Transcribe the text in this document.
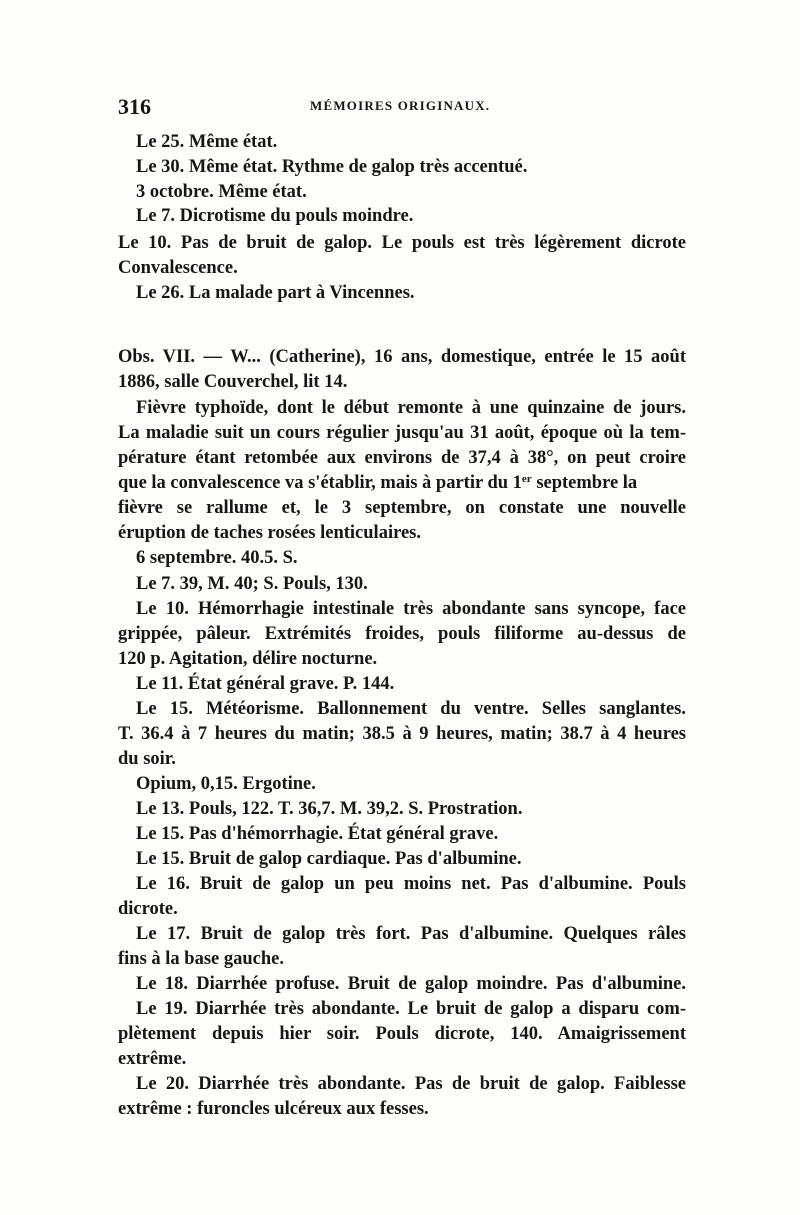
316	MÉMOIRES ORIGINAUX.
Le 25. Même état.
Le 30. Même état. Rythme de galop très accentué.
3 octobre. Même état.
Le 7. Dicrotisme du pouls moindre.
Le 10. Pas de bruit de galop. Le pouls est très légèrement dicrote
Convalescence.
Le 26. La malade part à Vincennes.
Obs. VII. — W... (Catherine), 16 ans, domestique, entrée le 15 août
1886, salle Couverchel, lit 14.
Fièvre typhoïde, dont le début remonte à une quinzaine de jours.
La maladie suit un cours régulier jusqu'au 31 août, époque où la tem-
pérature étant retombée aux environs de 37,4 à 38°, on peut croire
que la convalescence va s'établir, mais à partir du 1er septembre la
fièvre se rallume et, le 3 septembre, on constate une nouvelle
éruption de taches rosées lenticulaires.
6 septembre. 40.5. S.
Le 7. 39, M. 40; S. Pouls, 130.
Le 10. Hémorrhagie intestinale très abondante sans syncope, face
grippée, pâleur. Extrémités froides, pouls filiforme au-dessus de
120 p. Agitation, délire nocturne.
Le 11. État général grave. P. 144.
Le 15. Météorisme. Ballonnement du ventre. Selles sanglantes.
T. 36.4 à 7 heures du matin; 38.5 à 9 heures, matin; 38.7 à 4 heures
du soir.
Opium, 0,15. Ergotine.
Le 13. Pouls, 122. T. 36,7. M. 39,2. S. Prostration.
Le 15. Pas d'hémorrhagie. État général grave.
Le 15. Bruit de galop cardiaque. Pas d'albumine.
Le 16. Bruit de galop un peu moins net. Pas d'albumine. Pouls
dicrote.
Le 17. Bruit de galop très fort. Pas d'albumine. Quelques râles
fins à la base gauche.
Le 18. Diarrhée profuse. Bruit de galop moindre. Pas d'albumine.
Le 19. Diarrhée très abondante. Le bruit de galop a disparu com-
plètement depuis hier soir. Pouls dicrote, 140. Amaigrissement
extrême.
Le 20. Diarrhée très abondante. Pas de bruit de galop. Faiblesse
extrême : furoncles ulcéreux aux fesses.
